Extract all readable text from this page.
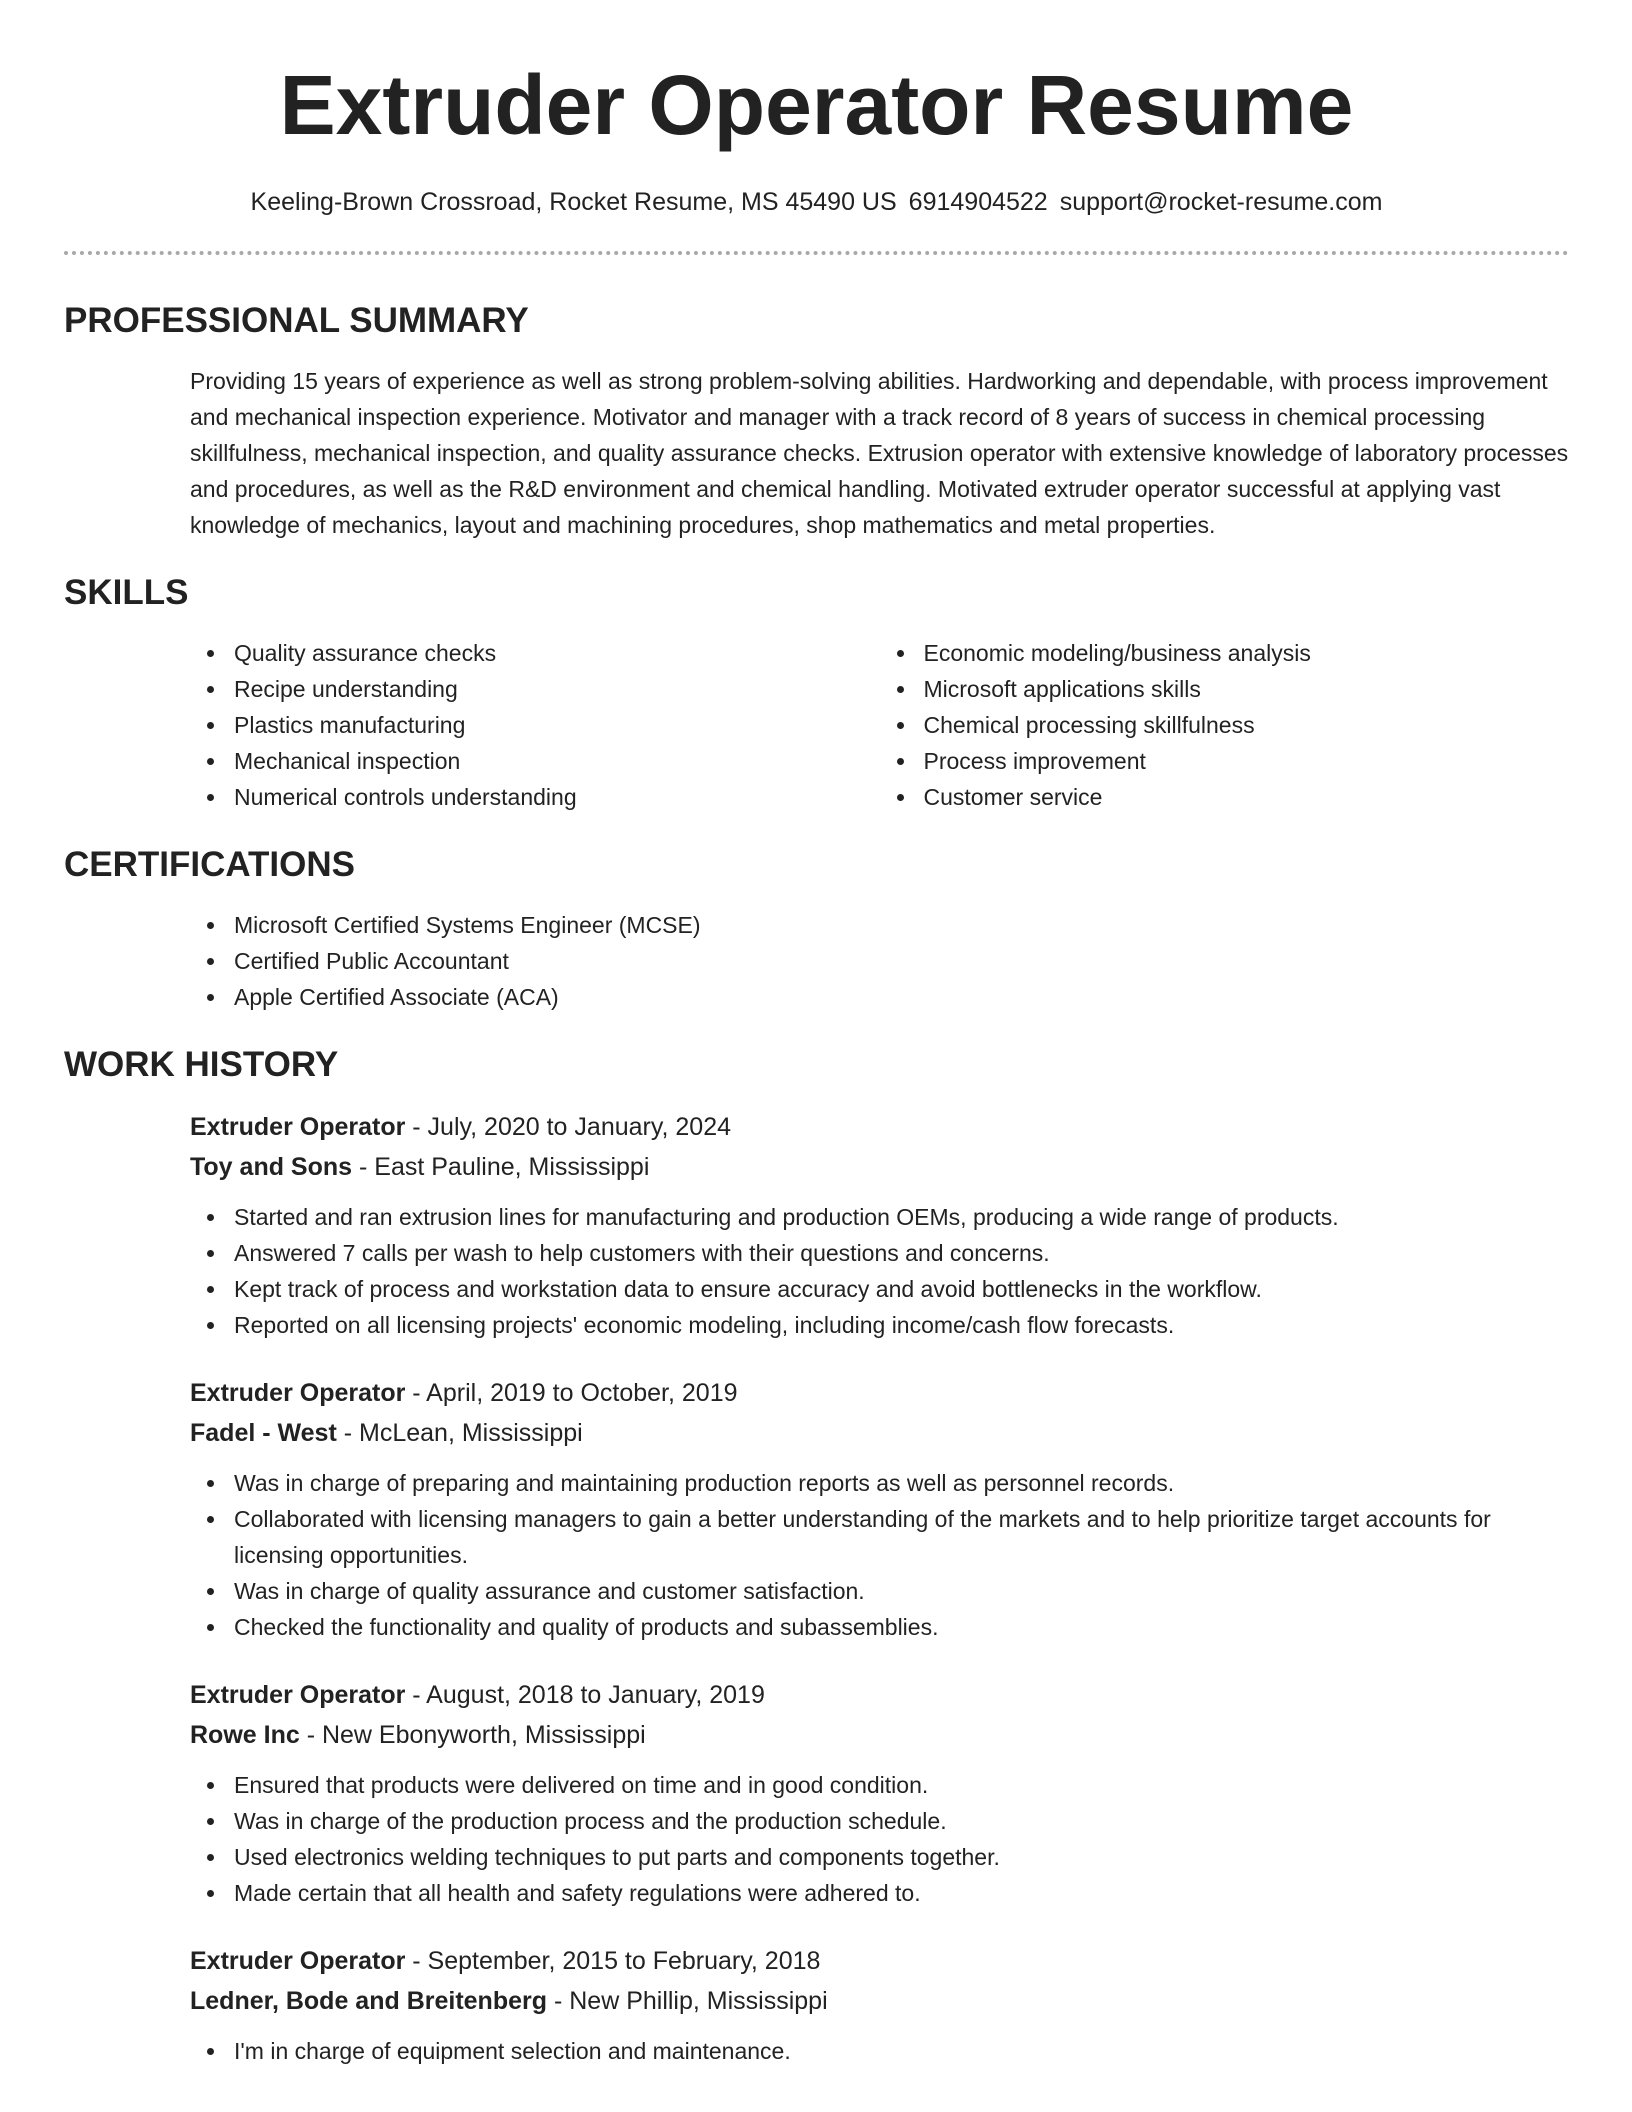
Extruder Operator Resume
Keeling-Brown Crossroad, Rocket Resume, MS 45490 US 6914904522 support@rocket-resume.com
PROFESSIONAL SUMMARY

Providing 15 years of experience as well as strong problem-solving abilities. Hardworking and dependable, with process improvement and mechanical inspection experience. Motivator and manager with a track record of 8 years of success in chemical processing skillfulness, mechanical inspection, and quality assurance checks. Extrusion operator with extensive knowledge of laboratory processes and procedures, as well as the R&D environment and chemical handling. Motivated extruder operator successful at applying vast knowledge of mechanics, layout and machining procedures, shop mathematics and metal properties.

SKILLS
Quality assurance checks
Recipe understanding
Plastics manufacturing
Mechanical inspection
Numerical controls understanding
Economic modeling/business analysis
Microsoft applications skills
Chemical processing skillfulness
Process improvement
Customer service
CERTIFICATIONS
Microsoft Certified Systems Engineer (MCSE)
Certified Public Accountant
Apple Certified Associate (ACA)
WORK HISTORY
Extruder Operator - July, 2020 to January, 2024
Toy and Sons - East Pauline, Mississippi
Started and ran extrusion lines for manufacturing and production OEMs, producing a wide range of products.
Answered 7 calls per wash to help customers with their questions and concerns.
Kept track of process and workstation data to ensure accuracy and avoid bottlenecks in the workflow.
Reported on all licensing projects' economic modeling, including income/cash flow forecasts.
Extruder Operator - April, 2019 to October, 2019
Fadel - West - McLean, Mississippi
Was in charge of preparing and maintaining production reports as well as personnel records.
Collaborated with licensing managers to gain a better understanding of the markets and to help prioritize target accounts for licensing opportunities.
Was in charge of quality assurance and customer satisfaction.
Checked the functionality and quality of products and subassemblies.
Extruder Operator - August, 2018 to January, 2019
Rowe Inc - New Ebonyworth, Mississippi
Ensured that products were delivered on time and in good condition.
Was in charge of the production process and the production schedule.
Used electronics welding techniques to put parts and components together.
Made certain that all health and safety regulations were adhered to.
Extruder Operator - September, 2015 to February, 2018
Ledner, Bode and Breitenberg - New Phillip, Mississippi
I'm in charge of equipment selection and maintenance.
